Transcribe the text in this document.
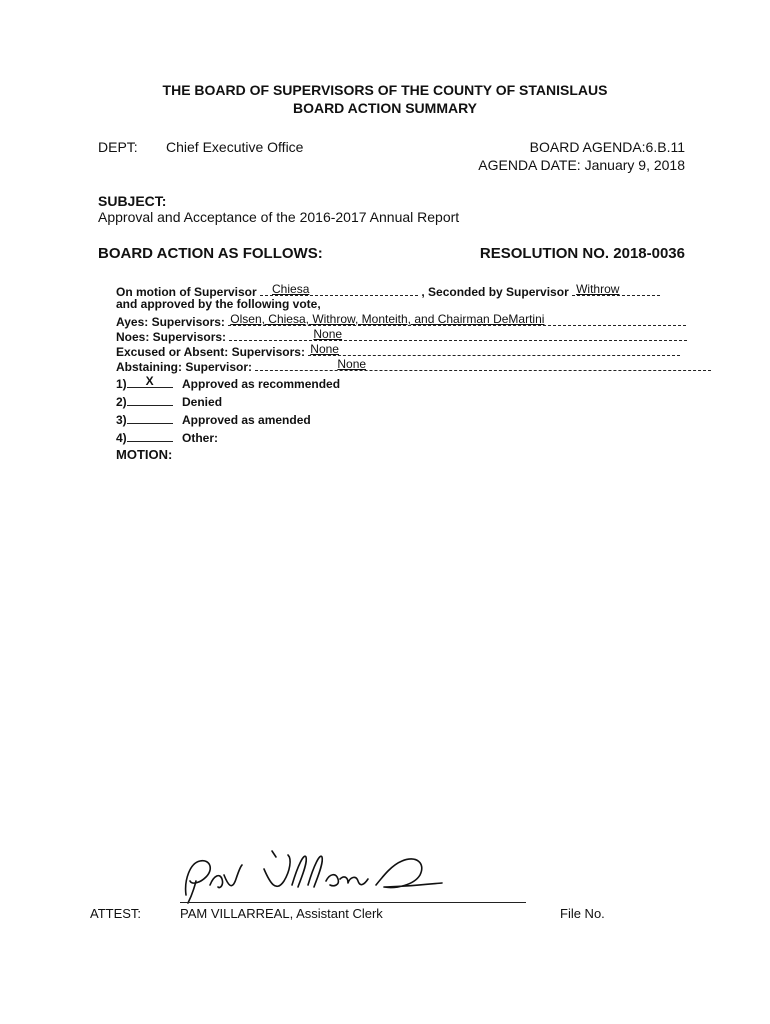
THE BOARD OF SUPERVISORS OF THE COUNTY OF STANISLAUS
BOARD ACTION SUMMARY
DEPT: Chief Executive Office	BOARD AGENDA:6.B.11
AGENDA DATE: January 9, 2018
SUBJECT:
Approval and Acceptance of the 2016-2017 Annual Report
BOARD ACTION AS FOLLOWS:	RESOLUTION NO. 2018-0036
On motion of Supervisor Chiesa	, Seconded by Supervisor Withrow
and approved by the following vote,
Ayes: Supervisors: Olsen, Chiesa, Withrow, Monteith, and Chairman DeMartini
Noes: Supervisors:	None
Excused or Absent: Supervisors: None
Abstaining: Supervisor:	None
1)	X	Approved as recommended
2)	Denied
3)	Approved as amended
4)	Other:
MOTION:
ATTEST:	PAM VILLARREAL, Assistant Clerk	File No.
